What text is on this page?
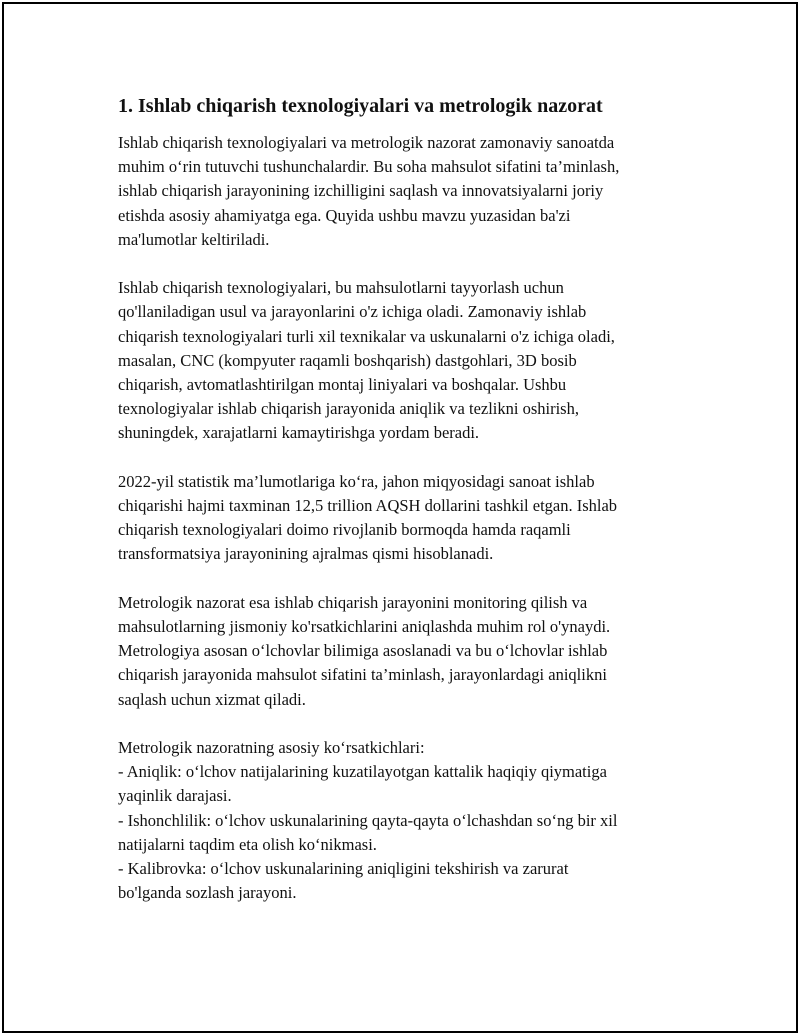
1. Ishlab chiqarish texnologiyalari va metrologik nazorat

Ishlab chiqarish texnologiyalari va metrologik nazorat zamonaviy sanoatda
muhim o‘rin tutuvchi tushunchalardir. Bu soha mahsulot sifatini ta’minlash,
ishlab chiqarish jarayonining izchilligini saqlash va innovatsiyalarni joriy
etishda asosiy ahamiyatga ega. Quyida ushbu mavzu yuzasidan ba'zi
ma'lumotlar keltiriladi.

Ishlab chiqarish texnologiyalari, bu mahsulotlarni tayyorlash uchun
qo'llaniladigan usul va jarayonlarini o'z ichiga oladi. Zamonaviy ishlab
chiqarish texnologiyalari turli xil texnikalar va uskunalarni o'z ichiga oladi,
masalan, CNC (kompyuter raqamli boshqarish) dastgohlari, 3D bosib
chiqarish, avtomatlashtirilgan montaj liniyalari va boshqalar. Ushbu
texnologiyalar ishlab chiqarish jarayonida aniqlik va tezlikni oshirish,
shuningdek, xarajatlarni kamaytirishga yordam beradi.

2022-yil statistik ma’lumotlariga ko‘ra, jahon miqyosidagi sanoat ishlab
chiqarishi hajmi taxminan 12,5 trillion AQSH dollarini tashkil etgan. Ishlab
chiqarish texnologiyalari doimo rivojlanib bormoqda hamda raqamli
transformatsiya jarayonining ajralmas qismi hisoblanadi.

Metrologik nazorat esa ishlab chiqarish jarayonini monitoring qilish va
mahsulotlarning jismoniy ko'rsatkichlarini aniqlashda muhim rol o'ynaydi.
Metrologiya asosan o‘lchovlar bilimiga asoslanadi va bu o‘lchovlar ishlab
chiqarish jarayonida mahsulot sifatini ta’minlash, jarayonlardagi aniqlikni
saqlash uchun xizmat qiladi.

Metrologik nazoratning asosiy ko‘rsatkichlari:
- Aniqlik: o‘lchov natijalarining kuzatilayotgan kattalik haqiqiy qiymatiga
yaqinlik darajasi.
- Ishonchlilik: o‘lchov uskunalarining qayta-qayta o‘lchashdan so‘ng bir xil
natijalarni taqdim eta olish ko‘nikmasi.
- Kalibrovka: o‘lchov uskunalarining aniqligini tekshirish va zarurat
bo'lganda sozlash jarayoni.
